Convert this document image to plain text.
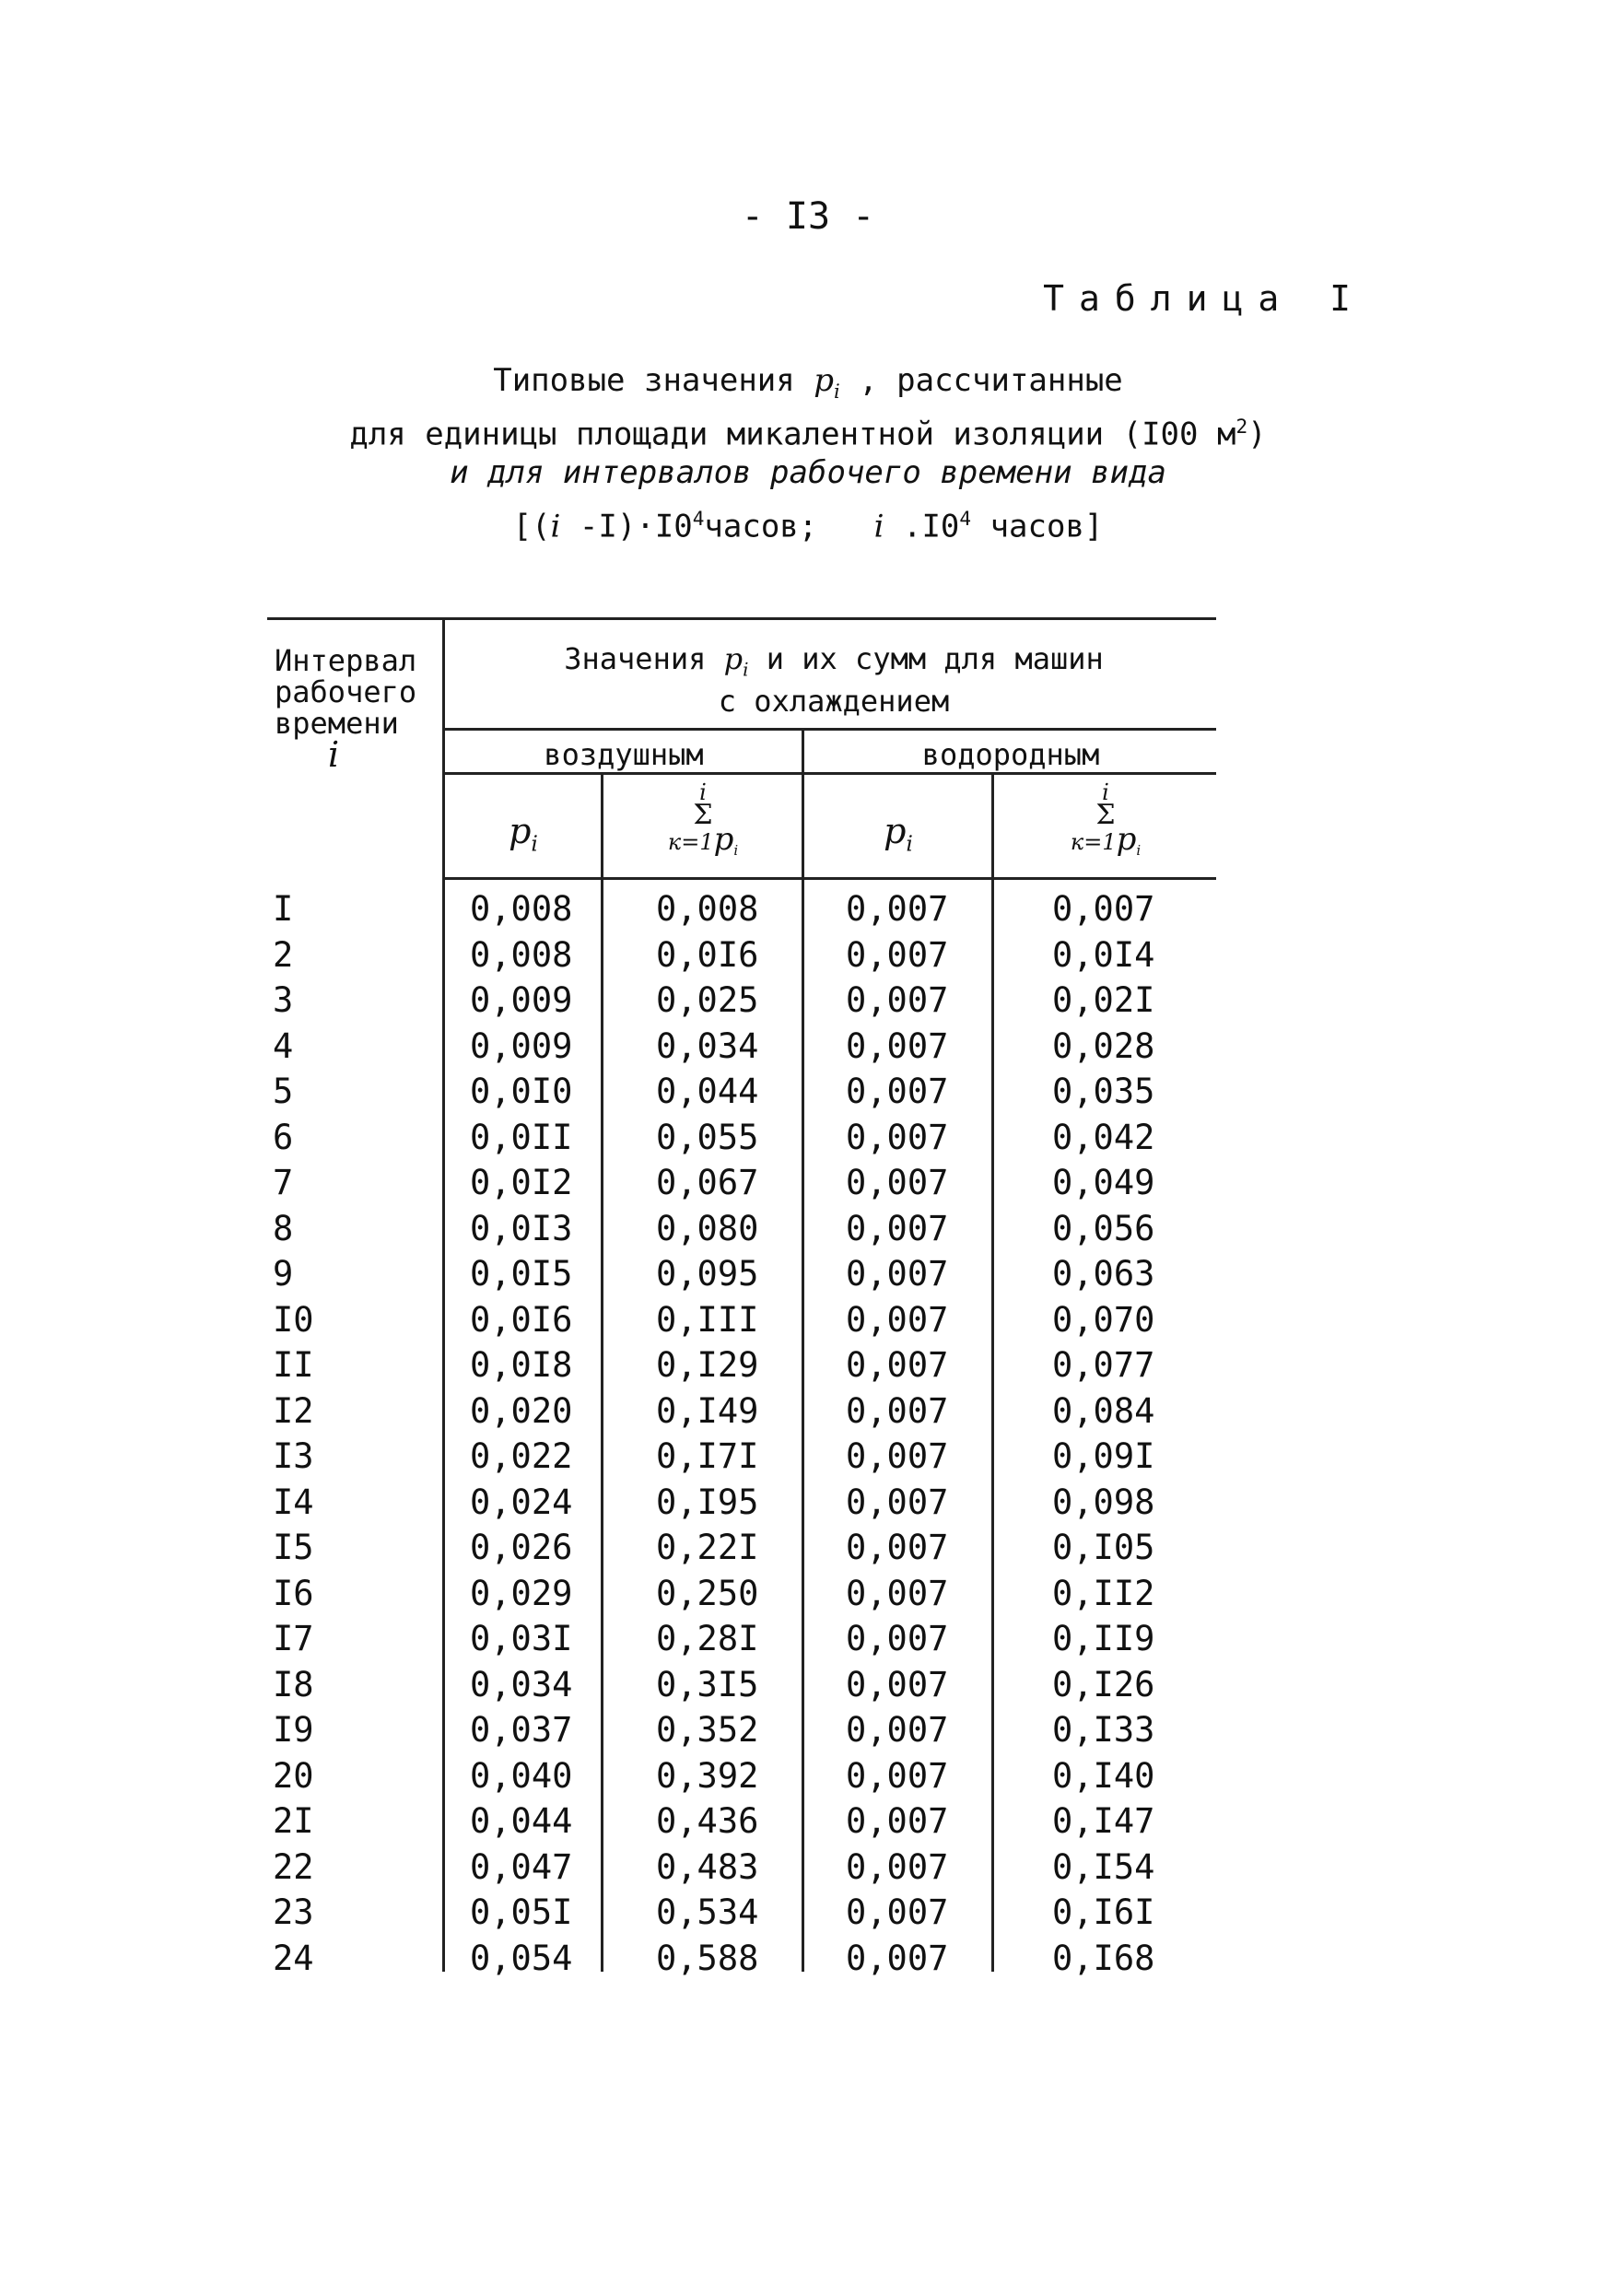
- I3 -
Таблица I
Типовые значения $p_i$ , рассчитанные
для единицы площади микалентной изоляции (I00 $м^2$)
и для интервалов рабочего времени вида
[(i $-I)\cdot I0^4часов$;   i $.I0^4$ часов]
Интервал
рабочего
времени
i
Значения $p_i$ и их сумм для машин
с охлаждением
воздушным	водородным
$p_i$
i
Σ
$к=1p_i$	$p_i$
i
Σ
$к=1p_i$
I	0,008 0,008	0,007	0,007
2	0,008 0,0I6	0,007	0,0I4
3	0,009 0,025	0,007	0,02I
4	0,009 0,034	0,007	0,028
5	0,0I0 0,044	0,007	0,035
6	0,0II 0,055	0,007	0,042
7	0,0I2 0,067	0,007	0,049
8	0,0I3 0,080	0,007	0,056
9	0,0I5 0,095	0,007	0,063
I0	0,0I6 0,III	0,007	0,070
II	0,0I8 0,I29	0,007	0,077
I2	0,020 0,I49	0,007	0,084
I3	0,022 0,I7I	0,007	0,09I
I4	0,024 0,I95	0,007	0,098
I5	0,026 0,22I	0,007	0,I05
I6	0,029 0,250	0,007	0,II2
I7	0,03I 0,28I	0,007	0,II9
I8	0,034 0,3I5	0,007	0,I26
I9	0,037 0,352	0,007	0,I33
20	0,040 0,392	0,007	0,I40
2I	0,044 0,436	0,007	0,I47
22	0,047 0,483	0,007	0,I54
23	0,05I 0,534	0,007	0,I6I
24	0,054 0,588	0,007	0,I68
